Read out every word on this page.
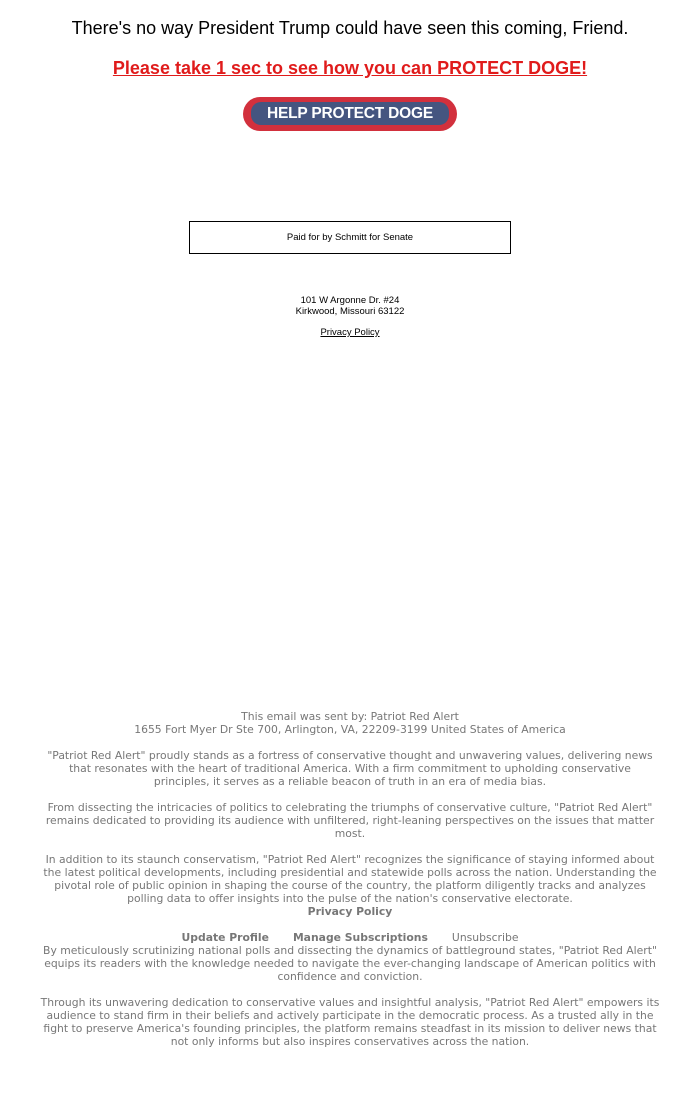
There's no way President Trump could have seen this coming, Friend.
Please take 1 sec to see how you can PROTECT DOGE!
HELP PROTECT DOGE
Paid for by Schmitt for Senate
101 W Argonne Dr. #24
Kirkwood, Missouri 63122
Privacy Policy

This email was sent by: Patriot Red Alert

1655 Fort Myer Dr Ste 700, Arlington, VA, 22209-3199 United States of America

"Patriot Red Alert" proudly stands as a fortress of conservative thought and unwavering values, delivering news that resonates with the heart of traditional America. With a firm commitment to upholding conservative principles, it serves as a reliable beacon of truth in an era of media bias.

From dissecting the intricacies of politics to celebrating the triumphs of conservative culture, "Patriot Red Alert" remains dedicated to providing its audience with unfiltered, right-leaning perspectives on the issues that matter most.

In addition to its staunch conservatism, "Patriot Red Alert" recognizes the significance of staying informed about the latest political developments, including presidential and statewide polls across the nation. Understanding the pivotal role of public opinion in shaping the course of the country, the platform diligently tracks and analyzes polling data to offer insights into the pulse of the nation's conservative electorate.

Privacy Policy

Update Profile Manage Subscriptions Unsubscribe

By meticulously scrutinizing national polls and dissecting the dynamics of battleground states, "Patriot Red Alert" equips its readers with the knowledge needed to navigate the ever-changing landscape of American politics with confidence and conviction.

Through its unwavering dedication to conservative values and insightful analysis, "Patriot Red Alert" empowers its audience to stand firm in their beliefs and actively participate in the democratic process. As a trusted ally in the fight to preserve America's founding principles, the platform remains steadfast in its mission to deliver news that not only informs but also inspires conservatives across the nation.
